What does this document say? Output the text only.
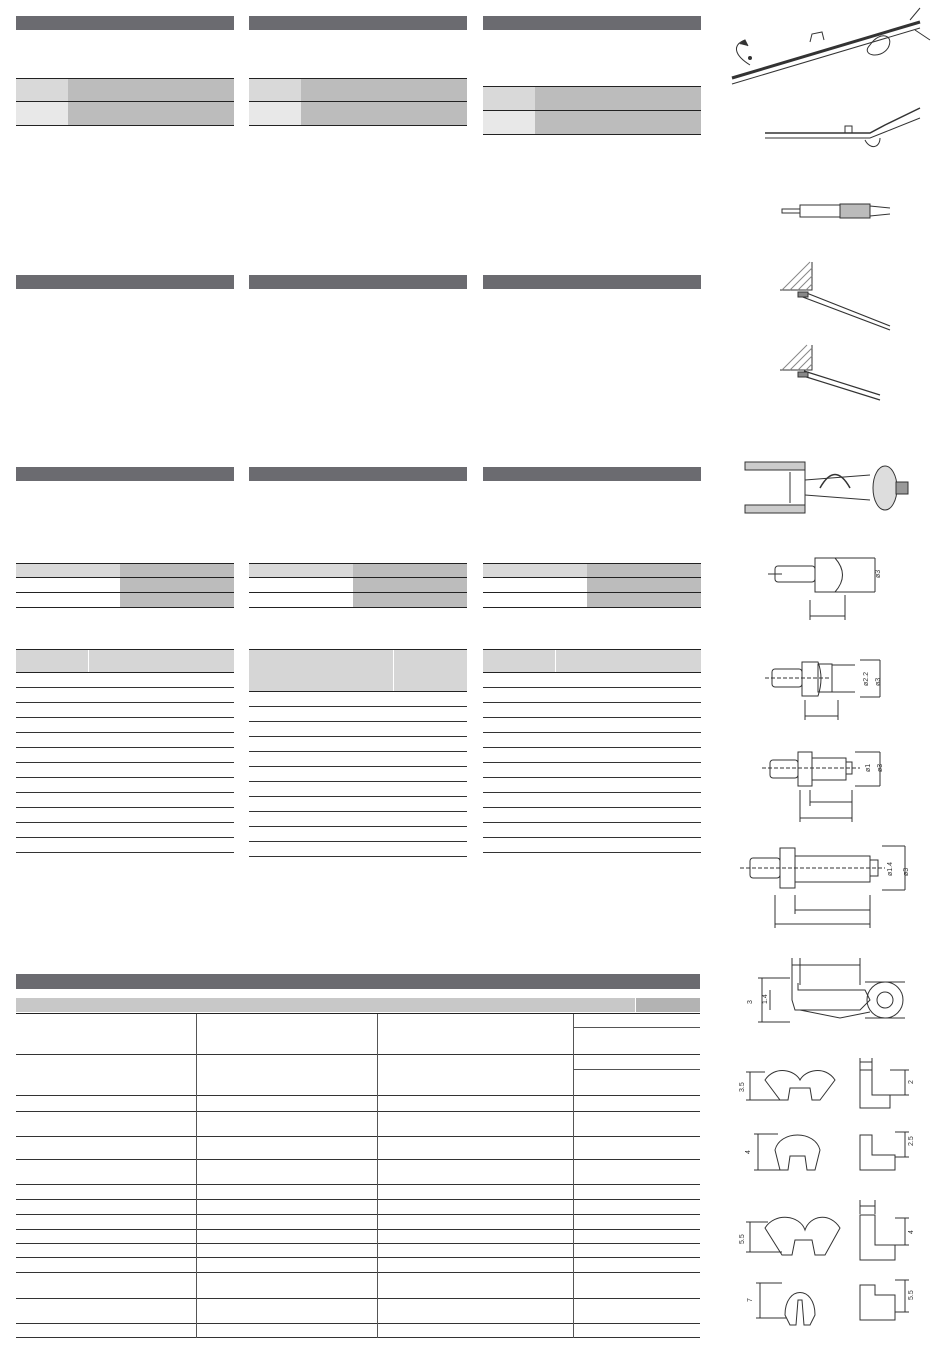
ø3
ø2.2 ø3
ø1 ø3
ø1.4 ø3
3 1.4
3.5
2
4
2.5
5.5
4
7
5.5
